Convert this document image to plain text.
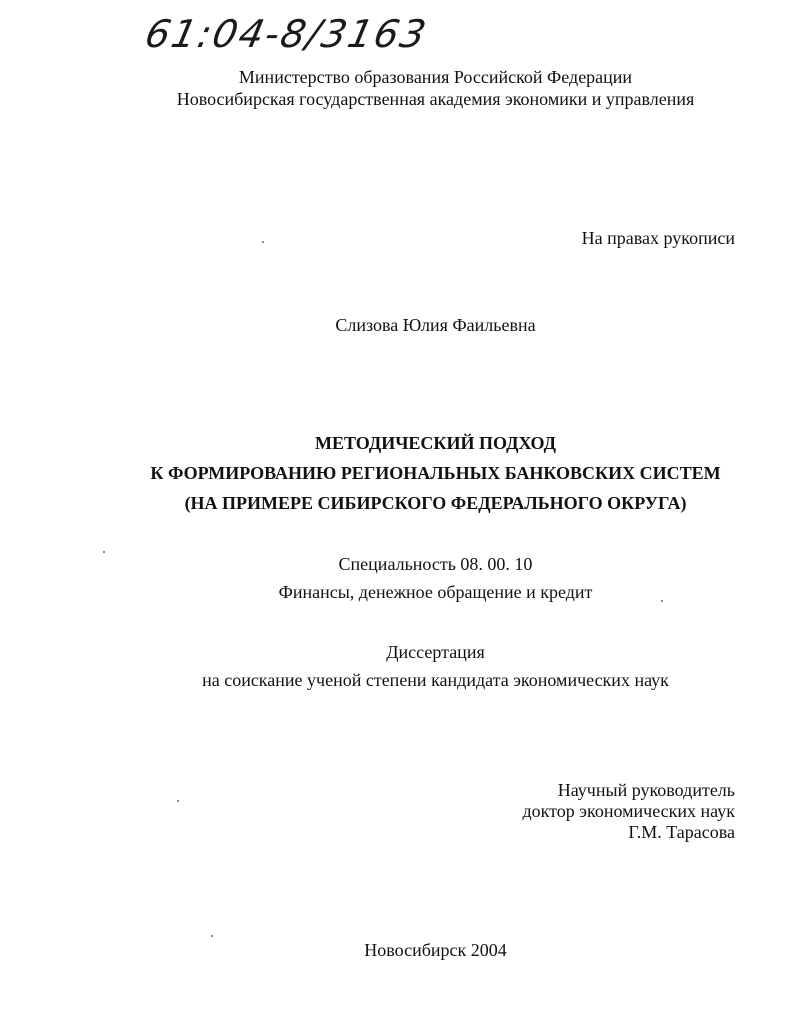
61:04-8/3163
Министерство образования Российской Федерации
Новосибирская государственная академия экономики и управления
На правах рукописи
Слизова Юлия Фаильевна
МЕТОДИЧЕСКИЙ ПОДХОД
К ФОРМИРОВАНИЮ РЕГИОНАЛЬНЫХ БАНКОВСКИХ СИСТЕМ
(НА ПРИМЕРЕ СИБИРСКОГО ФЕДЕРАЛЬНОГО ОКРУГА)
Специальность 08. 00. 10
Финансы, денежное обращение и кредит
Диссертация
на соискание ученой степени кандидата экономических наук
Научный руководитель
доктор экономических наук
Г.М. Тарасова
Новосибирск 2004
